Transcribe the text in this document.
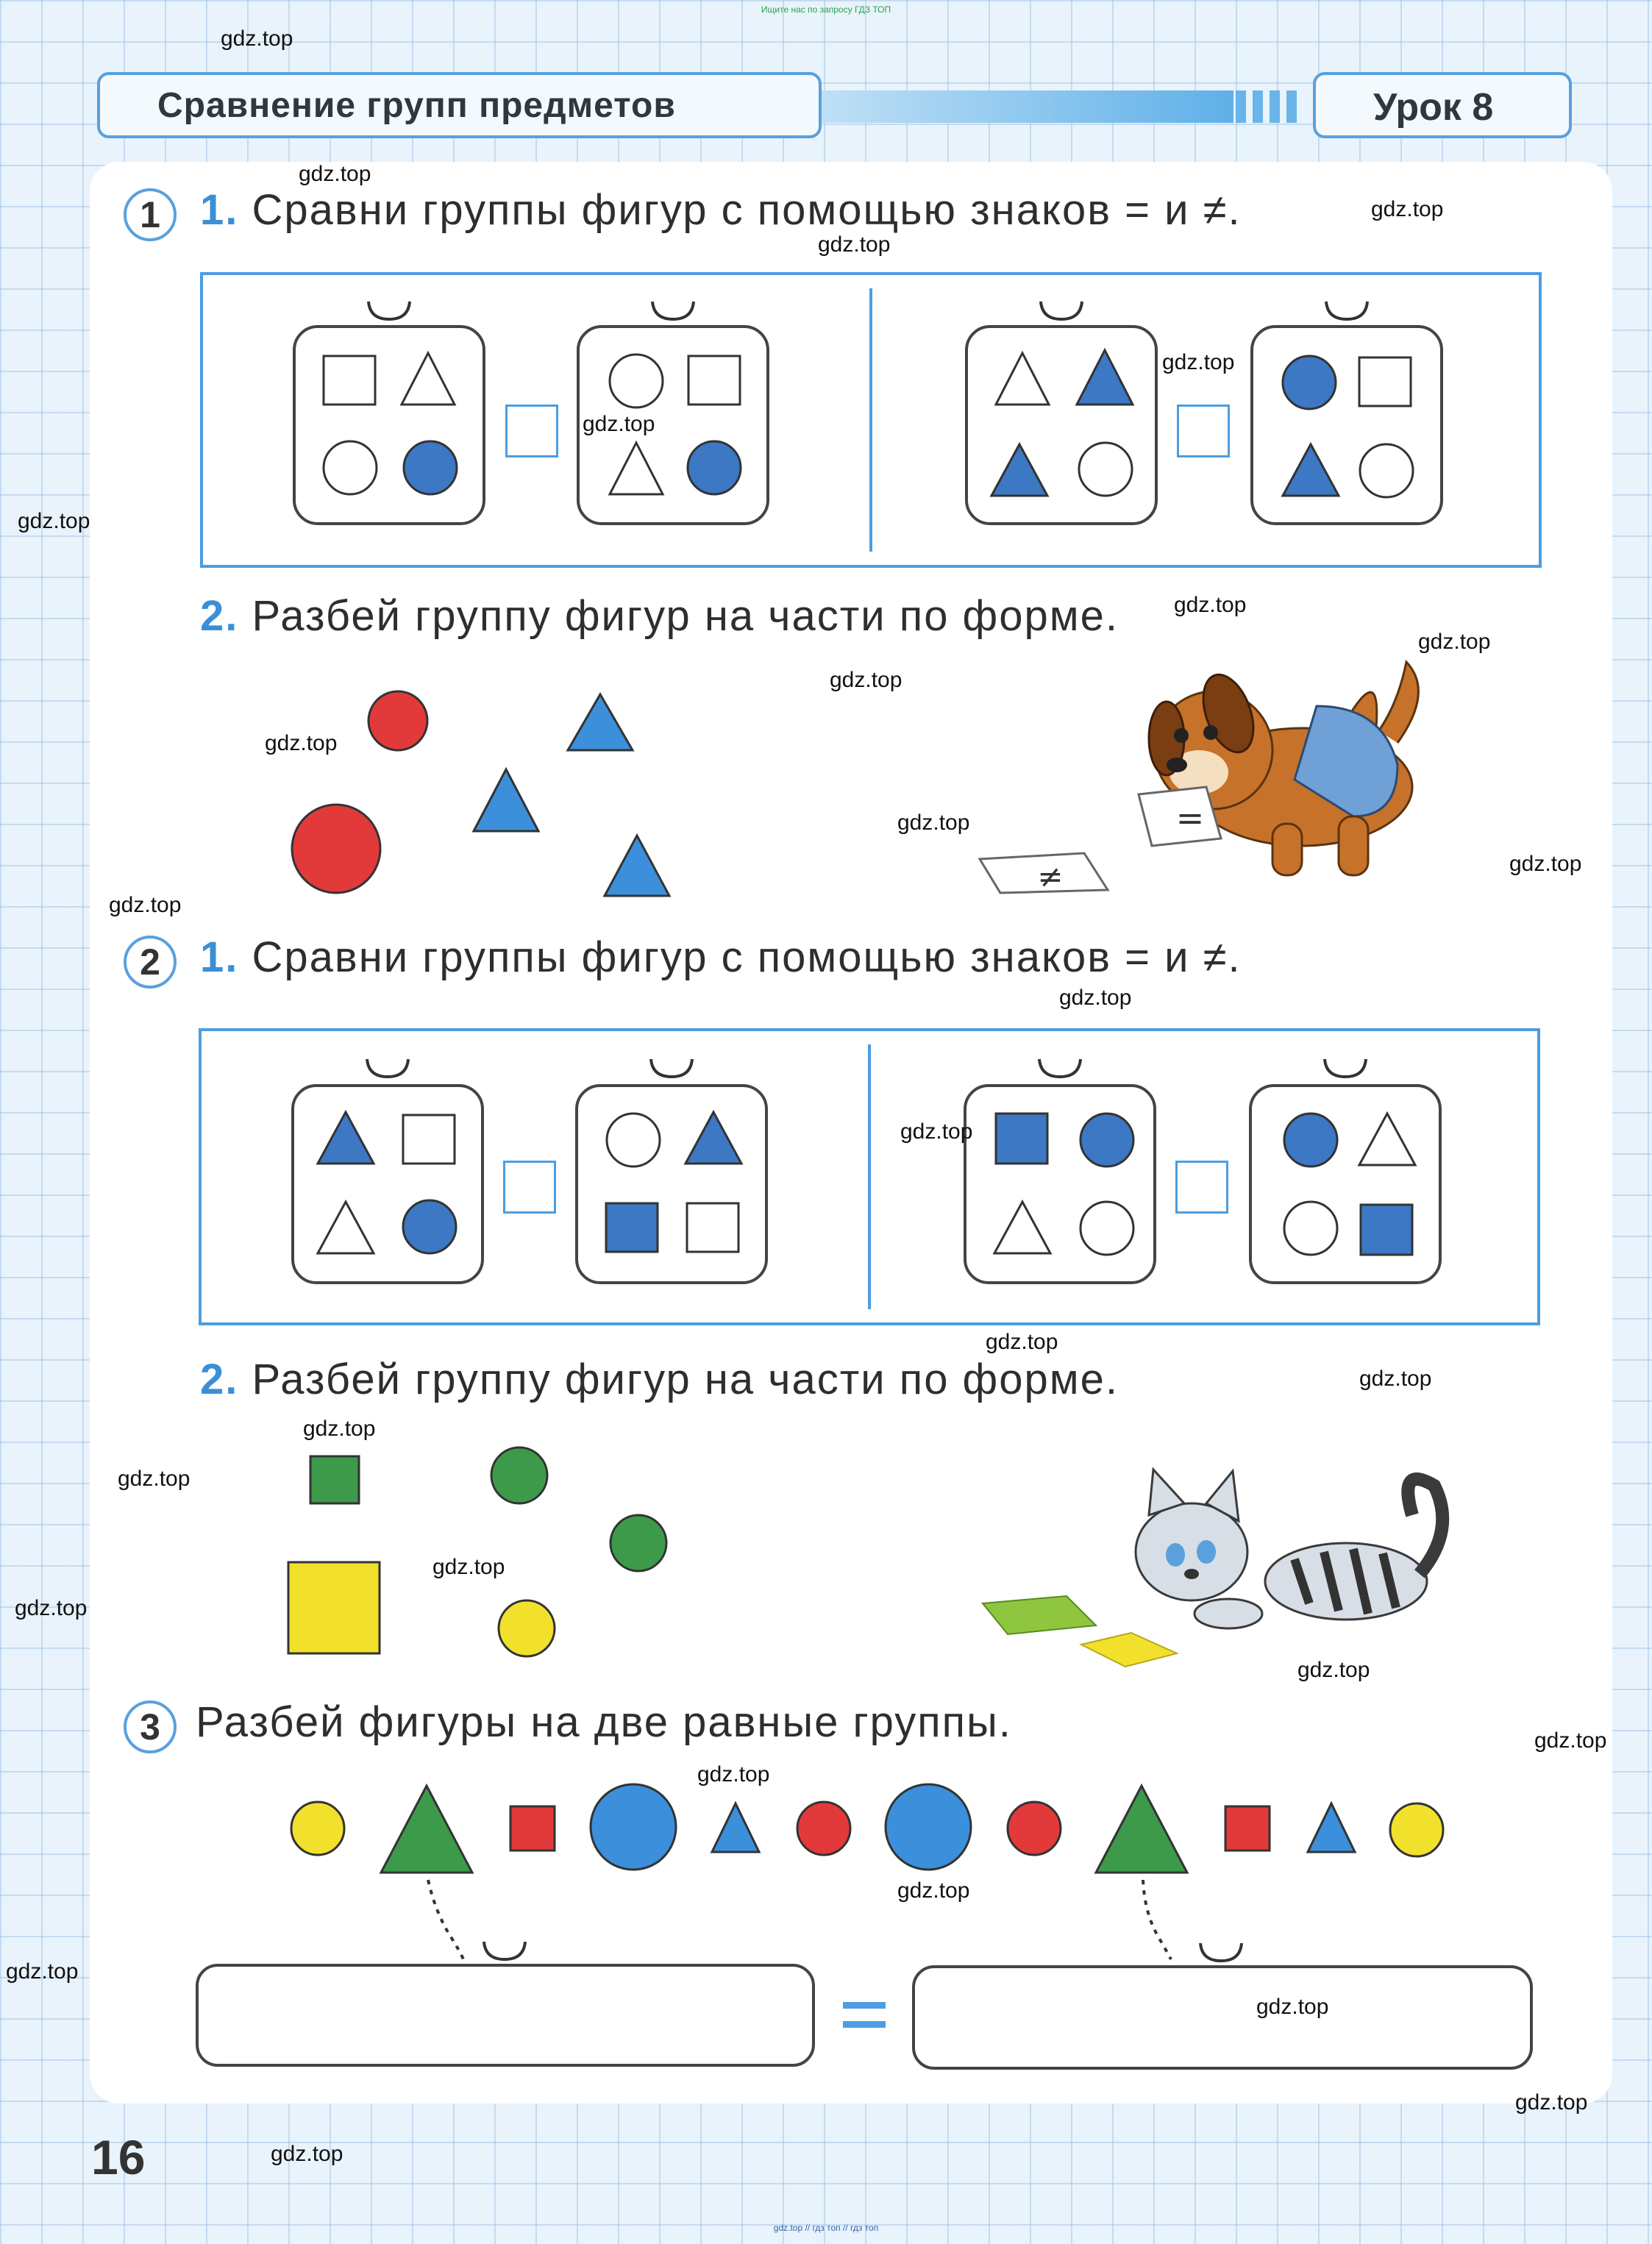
Ищите нас по запросу ГДЗ ТОП
Сравнение групп предметов	Урок 8
1 1. Сравни группы фигур с помощью знаков = и ≠.
2. Разбей группу фигур на части по форме.
2 1. Сравни группы фигур с помощью знаков = и ≠.
2. Разбей группу фигур на части по форме.
3 Разбей фигуры на две равные группы.
=
≠
gdz.top
gdz.top
gdz.top
gdz.top
gdz.top
gdz.top
gdz.top
gdz.top
gdz.top
gdz.top
gdz.top
gdz.top
gdz.top
gdz.top
gdz.top
gdz.top
gdz.top
gdz.top
gdz.top
gdz.top
gdz.top
gdz.top
gdz.top
gdz.top
gdz.top
gdz.top
gdz.top
gdz.top
gdz.top
gdz.top
16
gdz.top // гдз топ // гдз топ
